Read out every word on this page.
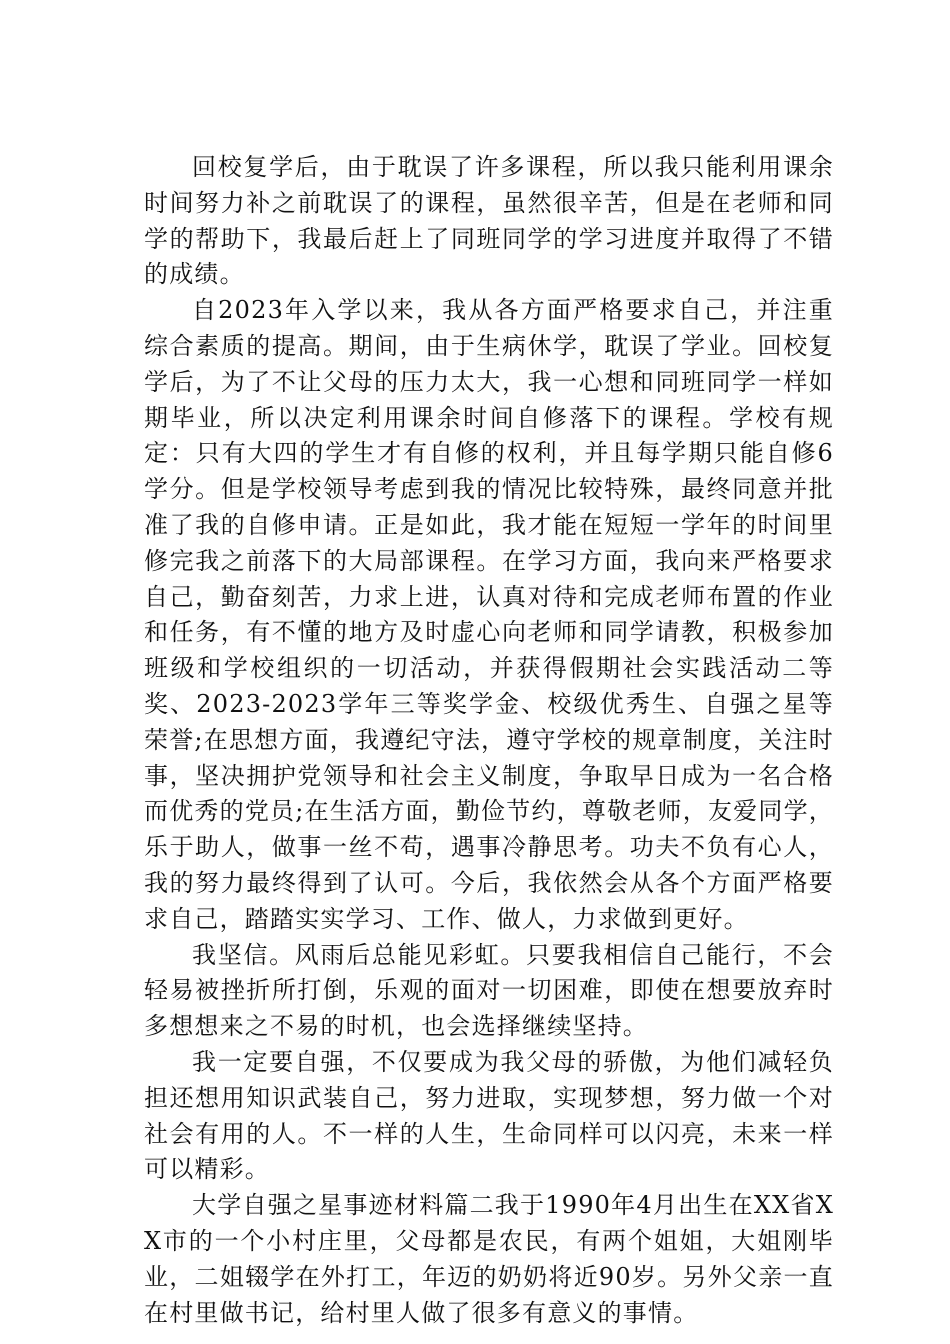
回校复学后，由于耽误了许多课程，所以我只能利用课余时间努力补之前耽误了的课程，虽然很辛苦，但是在老师和同学的帮助下，我最后赶上了同班同学的学习进度并取得了不错的成绩。

自2023年入学以来，我从各方面严格要求自己，并注重综合素质的提高。期间，由于生病休学，耽误了学业。回校复学后，为了不让父母的压力太大，我一心想和同班同学一样如期毕业，所以决定利用课余时间自修落下的课程。学校有规定：只有大四的学生才有自修的权利，并且每学期只能自修6学分。但是学校领导考虑到我的情况比较特殊，最终同意并批准了我的自修申请。正是如此，我才能在短短一学年的时间里修完我之前落下的大局部课程。在学习方面，我向来严格要求自己，勤奋刻苦，力求上进，认真对待和完成老师布置的作业和任务，有不懂的地方及时虚心向老师和同学请教，积极参加班级和学校组织的一切活动，并获得假期社会实践活动二等奖、2023-2023学年三等奖学金、校级优秀生、自强之星等荣誉;在思想方面，我遵纪守法，遵守学校的规章制度，关注时事，坚决拥护党领导和社会主义制度，争取早日成为一名合格而优秀的党员;在生活方面，勤俭节约，尊敬老师，友爱同学，乐于助人，做事一丝不苟，遇事冷静思考。功夫不负有心人，我的努力最终得到了认可。今后，我依然会从各个方面严格要求自己，踏踏实实学习、工作、做人，力求做到更好。

我坚信。风雨后总能见彩虹。只要我相信自己能行，不会轻易被挫折所打倒，乐观的面对一切困难，即使在想要放弃时多想想来之不易的时机，也会选择继续坚持。

我一定要自强，不仅要成为我父母的骄傲，为他们减轻负担还想用知识武装自己，努力进取，实现梦想，努力做一个对社会有用的人。不一样的人生，生命同样可以闪亮，未来一样可以精彩。

大学自强之星事迹材料篇二我于1990年4月出生在XX省XX市的一个小村庄里，父母都是农民，有两个姐姐，大姐刚毕业，二姐辍学在外打工，年迈的奶奶将近90岁。另外父亲一直在村里做书记，给村里人做了很多有意义的事情。
